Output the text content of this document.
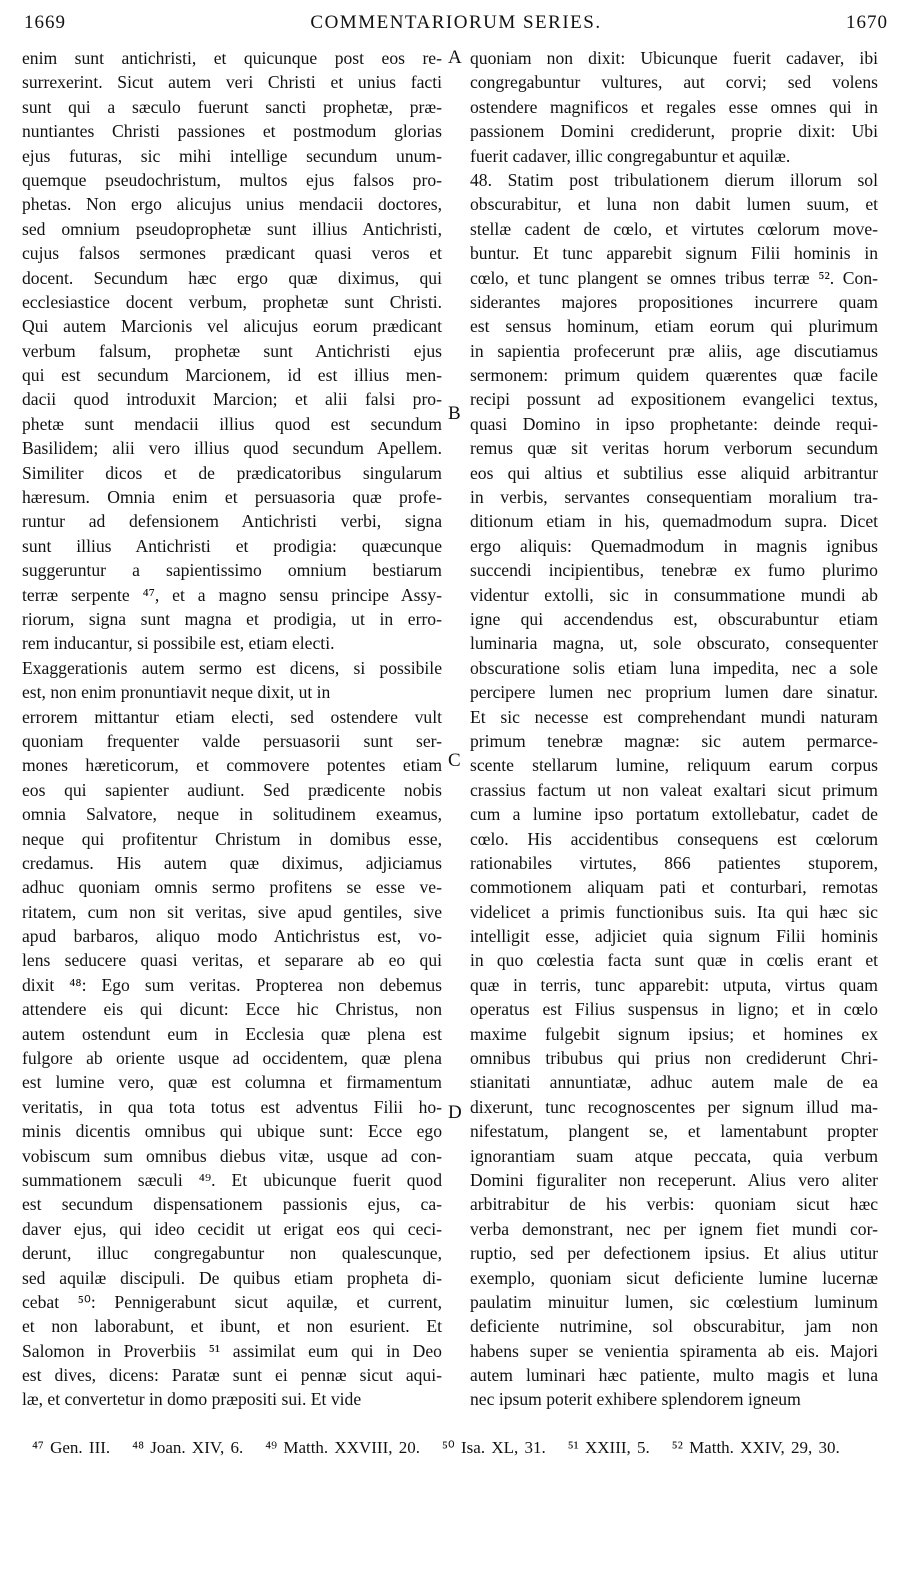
1669	COMMENTARIORUM SERIES.	1670
enim sunt antichristi, et quicunque post eos re-
surrexerint. Sicut autem veri Christi et unius facti
sunt qui a sæculo fuerunt sancti prophetæ, præ-
nuntiantes Christi passiones et postmodum glorias
ejus futuras, sic mihi intellige secundum unum-
quemque pseudochristum, multos ejus falsos pro-
phetas. Non ergo alicujus unius mendacii doctores,
sed omnium pseudoprophetæ sunt illius Antichristi,
cujus falsos sermones prædicant quasi veros et
docent. Secundum hæc ergo quæ diximus, qui
ecclesiastice docent verbum, prophetæ sunt Christi.
Qui autem Marcionis vel alicujus eorum prædicant
verbum falsum, prophetæ sunt Antichristi ejus
qui est secundum Marcionem, id est illius men-
dacii quod introduxit Marcion; et alii falsi pro-
phetæ sunt mendacii illius quod est secundum
Basilidem; alii vero illius quod secundum Apellem.
Similiter dicos et de prædicatoribus singularum
hæresum. Omnia enim et persuasoria quæ profe-
runtur ad defensionem Antichristi verbi, signa
sunt illius Antichristi et prodigia: quæcunque
suggeruntur a sapientissimo omnium bestiarum
terræ serpente ⁴⁷, et a magno sensu principe Assy-
riorum, signa sunt magna et prodigia, ut in erro-
rem inducantur, si possibile est, etiam electi.
Exaggerationis autem sermo est dicens, si possibile
est, non enim pronuntiavit neque dixit, ut in
errorem mittantur etiam electi, sed ostendere vult
quoniam frequenter valde persuasorii sunt ser-
mones hæreticorum, et commovere potentes etiam
eos qui sapienter audiunt. Sed prædicente nobis
omnia Salvatore, neque in solitudinem exeamus,
neque qui profitentur Christum in domibus esse,
credamus. His autem quæ diximus, adjiciamus
adhuc quoniam omnis sermo profitens se esse ve-
ritatem, cum non sit veritas, sive apud gentiles, sive
apud barbaros, aliquo modo Antichristus est, vo-
lens seducere quasi veritas, et separare ab eo qui
dixit ⁴⁸: Ego sum veritas. Propterea non debemus
attendere eis qui dicunt: Ecce hic Christus, non
autem ostendunt eum in Ecclesia quæ plena est
fulgore ab oriente usque ad occidentem, quæ plena
est lumine vero, quæ est columna et firmamentum
veritatis, in qua tota totus est adventus Filii ho-
minis dicentis omnibus qui ubique sunt: Ecce ego
vobiscum sum omnibus diebus vitæ, usque ad con-
summationem sæculi ⁴⁹. Et ubicunque fuerit quod
est secundum dispensationem passionis ejus, ca-
daver ejus, qui ideo cecidit ut erigat eos qui ceci-
derunt, illuc congregabuntur non qualescunque,
sed aquilæ discipuli. De quibus etiam propheta di-
cebat ⁵⁰: Pennigerabunt sicut aquilæ, et current,
et non laborabunt, et ibunt, et non esurient. Et
Salomon in Proverbiis ⁵¹ assimilat eum qui in Deo
est dives, dicens: Paratæ sunt ei pennæ sicut aqui-
læ, et convertetur in domo præpositi sui. Et vide
quoniam non dixit: Ubicunque fuerit cadaver, ibi
congregabuntur vultures, aut corvi; sed volens
ostendere magnificos et regales esse omnes qui in
passionem Domini crediderunt, proprie dixit: Ubi
fuerit cadaver, illic congregabuntur et aquilæ.
48. Statim post tribulationem dierum illorum sol
obscurabitur, et luna non dabit lumen suum, et
stellæ cadent de cœlo, et virtutes cœlorum move-
buntur. Et tunc apparebit signum Filii hominis in
cœlo, et tunc plangent se omnes tribus terræ ⁵². Con-
siderantes majores propositiones incurrere quam
est sensus hominum, etiam eorum qui plurimum
in sapientia profecerunt præ aliis, age discutiamus
sermonem: primum quidem quærentes quæ facile
recipi possunt ad expositionem evangelici textus,
quasi Domino in ipso prophetante: deinde requi-
remus quæ sit veritas horum verborum secundum
eos qui altius et subtilius esse aliquid arbitrantur
in verbis, servantes consequentiam moralium tra-
ditionum etiam in his, quemadmodum supra. Dicet
ergo aliquis: Quemadmodum in magnis ignibus
succendi incipientibus, tenebræ ex fumo plurimo
videntur extolli, sic in consummatione mundi ab
igne qui accendendus est, obscurabuntur etiam
luminaria magna, ut, sole obscurato, consequenter
obscuratione solis etiam luna impedita, nec a sole
percipere lumen nec proprium lumen dare sinatur.
Et sic necesse est comprehendant mundi naturam
primum tenebræ magnæ: sic autem permarce-
scente stellarum lumine, reliquum earum corpus
crassius factum ut non valeat exaltari sicut primum
cum a lumine ipso portatum extollebatur, cadet de
cœlo. His accidentibus consequens est cœlorum
rationabiles virtutes, 866 patientes stuporem,
commotionem aliquam pati et conturbari, remotas
videlicet a primis functionibus suis. Ita qui hæc sic
intelligit esse, adjiciet quia signum Filii hominis
in quo cœlestia facta sunt quæ in cœlis erant et
quæ in terris, tunc apparebit: utputa, virtus quam
operatus est Filius suspensus in ligno; et in cœlo
maxime fulgebit signum ipsius; et homines ex
omnibus tribubus qui prius non crediderunt Chri-
stianitati annuntiatæ, adhuc autem male de ea
dixerunt, tunc recognoscentes per signum illud ma-
nifestatum, plangent se, et lamentabunt propter
ignorantiam suam atque peccata, quia verbum
Domini figuraliter non receperunt. Alius vero aliter
arbitrabitur de his verbis: quoniam sicut hæc
verba demonstrant, nec per ignem fiet mundi cor-
ruptio, sed per defectionem ipsius. Et alius utitur
exemplo, quoniam sicut deficiente lumine lucernæ
paulatim minuitur lumen, sic cœlestium luminum
deficiente nutrimine, sol obscurabitur, jam non
habens super se venientia spiramenta ab eis. Majori
autem luminari hæc patiente, multo magis et luna
nec ipsum poterit exhibere splendorem igneum
A
B
C
D
⁴⁷ Gen. III. ⁴⁸ Joan. XIV, 6. ⁴⁹ Matth. XXVIII, 20. ⁵⁰ Isa. XL, 31. ⁵¹ XXIII, 5. ⁵² Matth. XXIV, 29, 30.
